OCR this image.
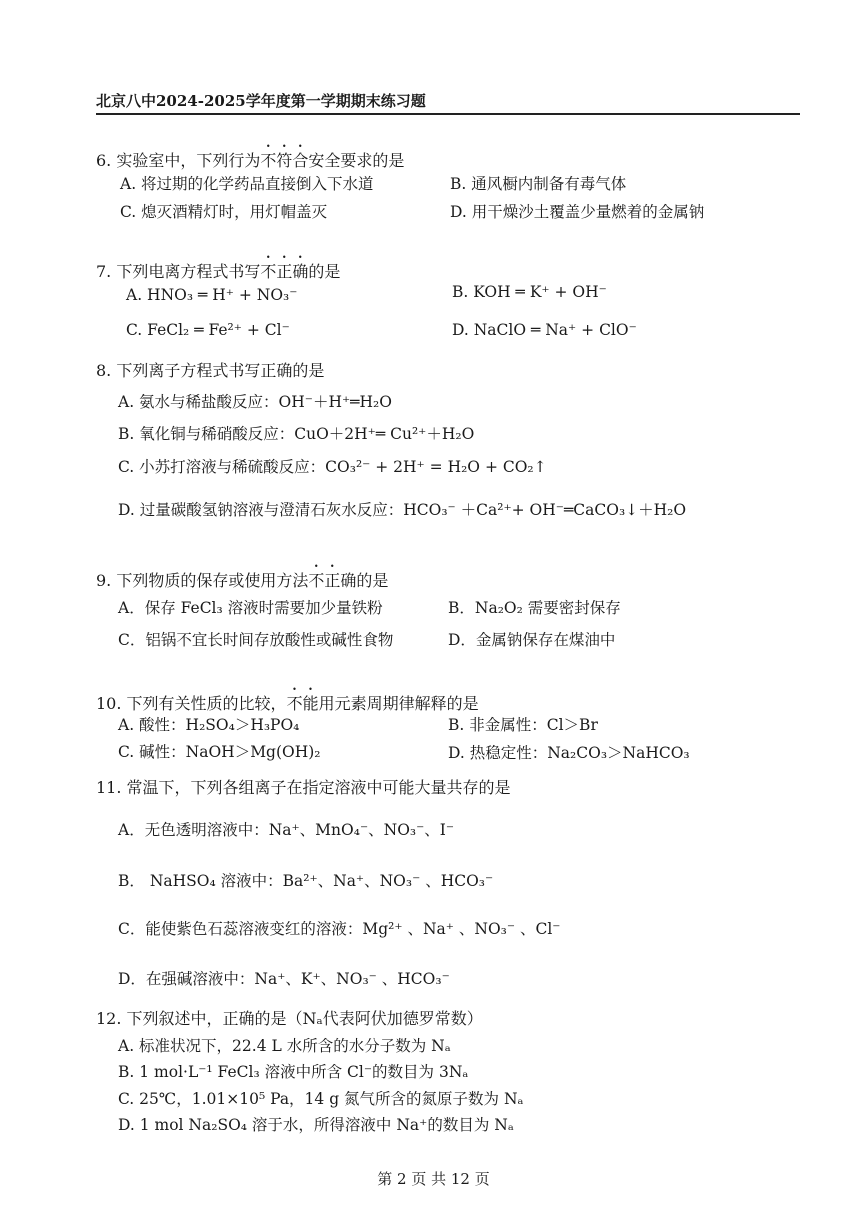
北京八中2024-2025学年度第一学期期末练习题
6. 实验室中，下列行为不符合安全要求的是
A. 将过期的化学药品直接倒入下水道	B. 通风橱内制备有毒气体
C. 熄灭酒精灯时，用灯帽盖灭	D. 用干燥沙土覆盖少量燃着的金属钠
7. 下列电离方程式书写不正确的是
A. HNO₃ ═ H⁺ + NO₃⁻	B. KOH ═ K⁺ + OH⁻
C. FeCl₂ ═ Fe²⁺ + Cl⁻	D. NaClO ═ Na⁺ + ClO⁻
8. 下列离子方程式书写正确的是
A. 氨水与稀盐酸反应：OH⁻＋H⁺═H₂O
B. 氧化铜与稀硝酸反应：CuO＋2H⁺═ Cu²⁺＋H₂O
C. 小苏打溶液与稀硫酸反应：CO₃²⁻ + 2H⁺ = H₂O + CO₂↑
D. 过量碳酸氢钠溶液与澄清石灰水反应：HCO₃⁻ ＋Ca²⁺+ OH⁻═CaCO₃↓＋H₂O
9. 下列物质的保存或使用方法不正确的是
A．保存 FeCl₃ 溶液时需要加少量铁粉	B．Na₂O₂ 需要密封保存
C．铝锅不宜长时间存放酸性或碱性食物	D．金属钠保存在煤油中
10. 下列有关性质的比较，不能用元素周期律解释的是
A. 酸性：H₂SO₄＞H₃PO₄	B. 非金属性：Cl＞Br
C. 碱性：NaOH＞Mg(OH)₂	D. 热稳定性：Na₂CO₃＞NaHCO₃
11. 常温下，下列各组离子在指定溶液中可能大量共存的是
A．无色透明溶液中：Na⁺、MnO₄⁻、NO₃⁻、I⁻
B． NaHSO₄ 溶液中：Ba²⁺、Na⁺、NO₃⁻ 、HCO₃⁻
C．能使紫色石蕊溶液变红的溶液：Mg²⁺ 、Na⁺ 、NO₃⁻ 、Cl⁻
D．在强碱溶液中：Na⁺、K⁺、NO₃⁻ 、HCO₃⁻
12. 下列叙述中，正确的是（Nₐ代表阿伏加德罗常数）
A. 标准状况下，22.4 L 水所含的水分子数为 Nₐ
B. 1 mol·L⁻¹ FeCl₃ 溶液中所含 Cl⁻的数目为 3Nₐ
C. 25℃，1.01×10⁵ Pa，14 g 氮气所含的氮原子数为 Nₐ
D. 1 mol Na₂SO₄ 溶于水，所得溶液中 Na⁺的数目为 Nₐ
第 2 页 共 12 页
